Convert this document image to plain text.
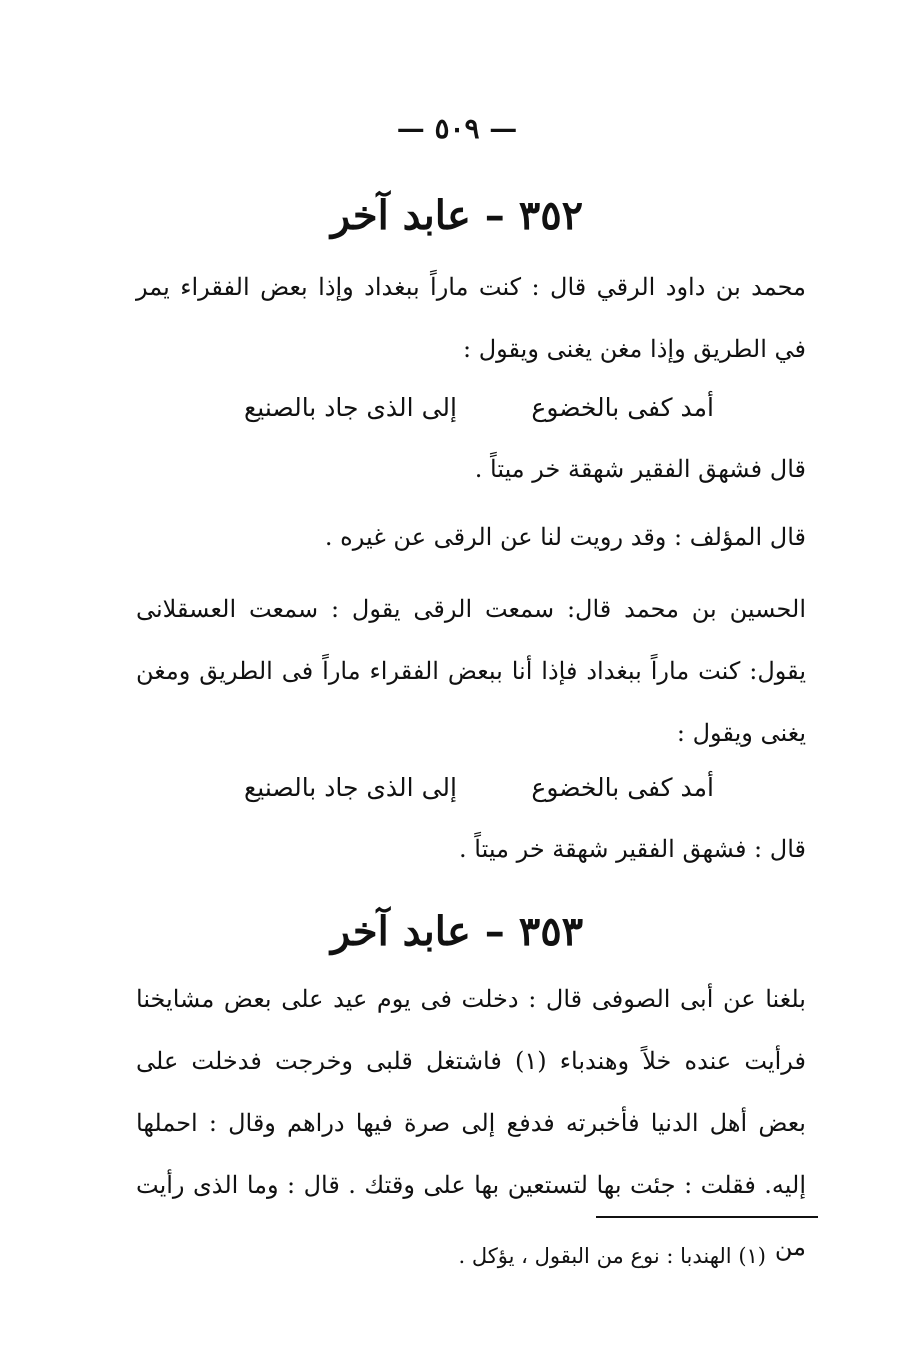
— ٥٠٩ —
٣٥٢ – عابد آخر
محمد بن داود الرقي قال : كنت ماراً ببغداد وإذا بعض الفقراء يمر في الطريق وإذا مغن يغنى ويقول :
أمد كفى بالخضوع
إلى الذى جاد بالصنيع
قال فشهق الفقير شهقة خر ميتاً .
قال المؤلف : وقد رويت لنا عن الرقى عن غيره .
الحسين بن محمد قال: سمعت الرقى يقول : سمعت العسقلانى يقول: كنت ماراً ببغداد فإذا أنا ببعض الفقراء ماراً فى الطريق ومغن يغنى ويقول :
أمد كفى بالخضوع
إلى الذى جاد بالصنيع
قال : فشهق الفقير شهقة خر ميتاً .
٣٥٣ – عابد آخر
بلغنا عن أبى الصوفى قال : دخلت فى يوم عيد على بعض مشايخنا فرأيت عنده خلاً وهندباء (١) فاشتغل قلبى وخرجت فدخلت على بعض أهل الدنيا فأخبرته فدفع إلى صرة فيها دراهم وقال : احملها إليه. فقلت : جئت بها لتستعين بها على وقتك . قال : وما الذى رأيت من
(١) الهندبا : نوع من البقول ، يؤكل .
